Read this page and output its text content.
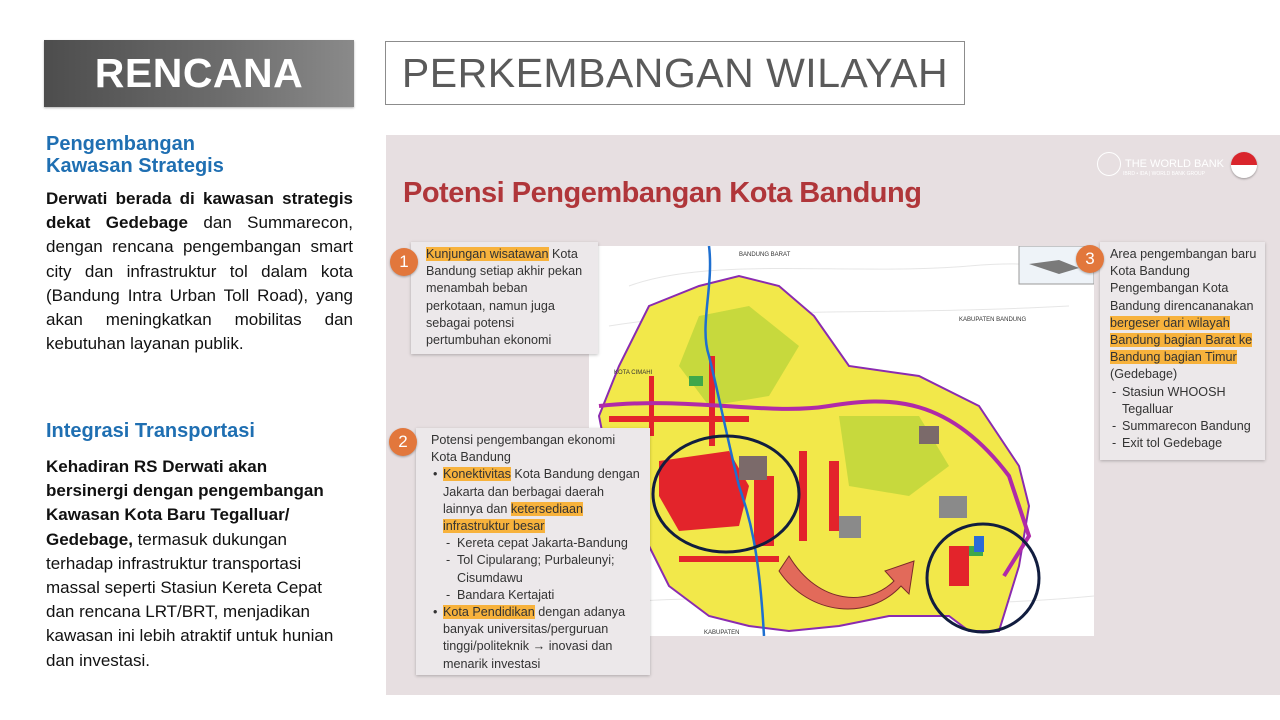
RENCANA PERKEMBANGAN WILAYAH
Pengembangan
Kawasan Strategis
Derwati berada di kawasan strategis dekat Gedebage dan Summarecon, dengan rencana pengembangan smart city dan infrastruktur tol dalam kota (Bandung Intra Urban Toll Road), yang akan meningkatkan mobilitas dan kebutuhan layanan publik.
Integrasi Transportasi
Kehadiran RS Derwati akan bersinergi dengan pengembangan Kawasan Kota Baru Tegalluar/ Gedebage, termasuk dukungan terhadap infrastruktur transportasi massal seperti Stasiun Kereta Cepat dan rencana LRT/BRT, menjadikan kawasan ini lebih atraktif untuk hunian dan investasi.
Potensi Pengembangan Kota Bandung
THE WORLD BANK
IBRD • IDA | WORLD BANK GROUP
BANDUNG BARAT
KABUPATEN BANDUNG
KOTA CIMAHI
KABUPATEN
Kunjungan wisatawan Kota Bandung setiap akhir pekan menambah beban perkotaan, namun juga sebagai potensi pertumbuhan ekonomi
1
Potensi pengembangan ekonomi Kota Bandung
• Konektivitas Kota Bandung dengan Jakarta dan berbagai daerah lainnya dan ketersediaan infrastruktur besar
- Kereta cepat Jakarta-Bandung
- Tol Cipularang; Purbaleunyi; Cisumdawu
- Bandara Kertajati
• Kota Pendidikan dengan adanya banyak universitas/perguruan tinggi/politeknik → inovasi dan menarik investasi
2
Area pengembangan baru Kota Bandung Pengembangan Kota Bandung direncananakan bergeser dari wilayah Bandung bagian Barat ke Bandung bagian Timur (Gedebage)
- Stasiun WHOOSH Tegalluar
- Summarecon Bandung
- Exit tol Gedebage
3
